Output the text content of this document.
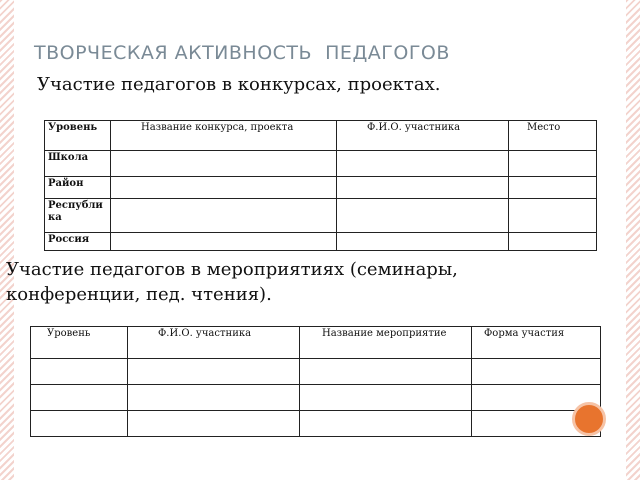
ТВОРЧЕСКАЯ АКТИВНОСТЬ  ПЕДАГОГОВ

Участие педагогов в конкурсах, проектах.

Уровень	Название конкурса, проекта	Ф.И.О. участника	Место
Школа			
Район			
Республика			
Россия			

Участие педагогов в мероприятиях (семинары, конференции, пед. чтения).

Уровень	Ф.И.О. участника	Название мероприятие	Форма участия
